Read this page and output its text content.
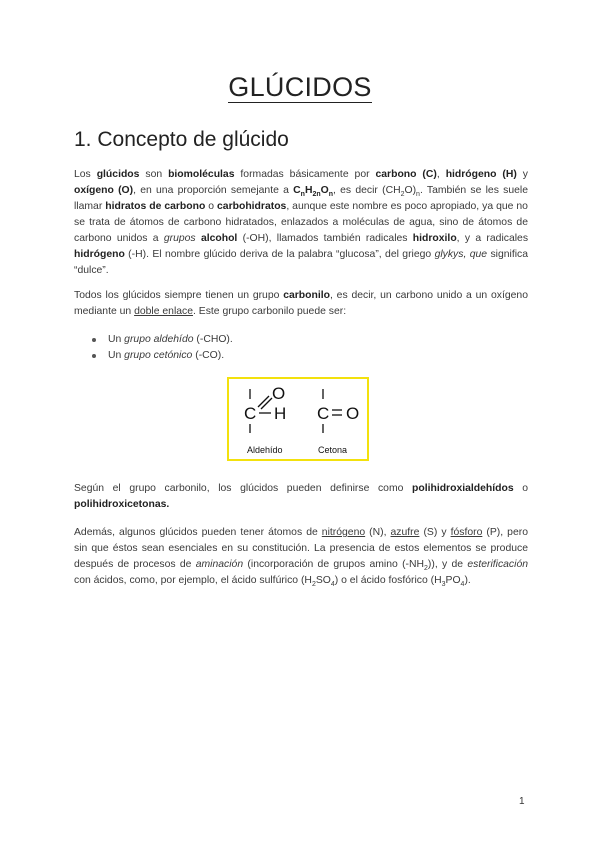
GLÚCIDOS
1. Concepto de glúcido
Los glúcidos son biomoléculas formadas básicamente por carbono (C), hidrógeno (H) y oxígeno (O), en una proporción semejante a $C_nH_{2n}O_n$, es decir $(CH_2O)_n$. También se les suele llamar hidratos de carbono o carbohidratos, aunque este nombre es poco apropiado, ya que no se trata de átomos de carbono hidratados, enlazados a moléculas de agua, sino de átomos de carbono unidos a grupos alcohol (-OH), llamados también radicales hidroxilo, y a radicales hidrógeno (-H). El nombre glúcido deriva de la palabra “glucosa”, del griego glykys, que significa “dulce”.
Todos los glúcidos siempre tienen un grupo carbonilo, es decir, un carbono unido a un oxígeno mediante un doble enlace. Este grupo carbonilo puede ser:
Un grupo aldehído (-CHO).
Un grupo cetónico (-CO).
O
C H C O
Aldehído	Cetona
Según el grupo carbonilo, los glúcidos pueden definirse como polihidroxialdehídos o polihidroxicetonas.
Además, algunos glúcidos pueden tener átomos de nitrógeno (N), azufre (S) y fósforo (P), pero sin que éstos sean esenciales en su constitución. La presencia de estos elementos se produce después de procesos de aminación (incorporación de grupos amino $(-NH_2)$), y de esterificación con ácidos, como, por ejemplo, el ácido sulfúrico $(H_2SO_4)$ o el ácido fosfórico $(H_3PO_4)$.
1
